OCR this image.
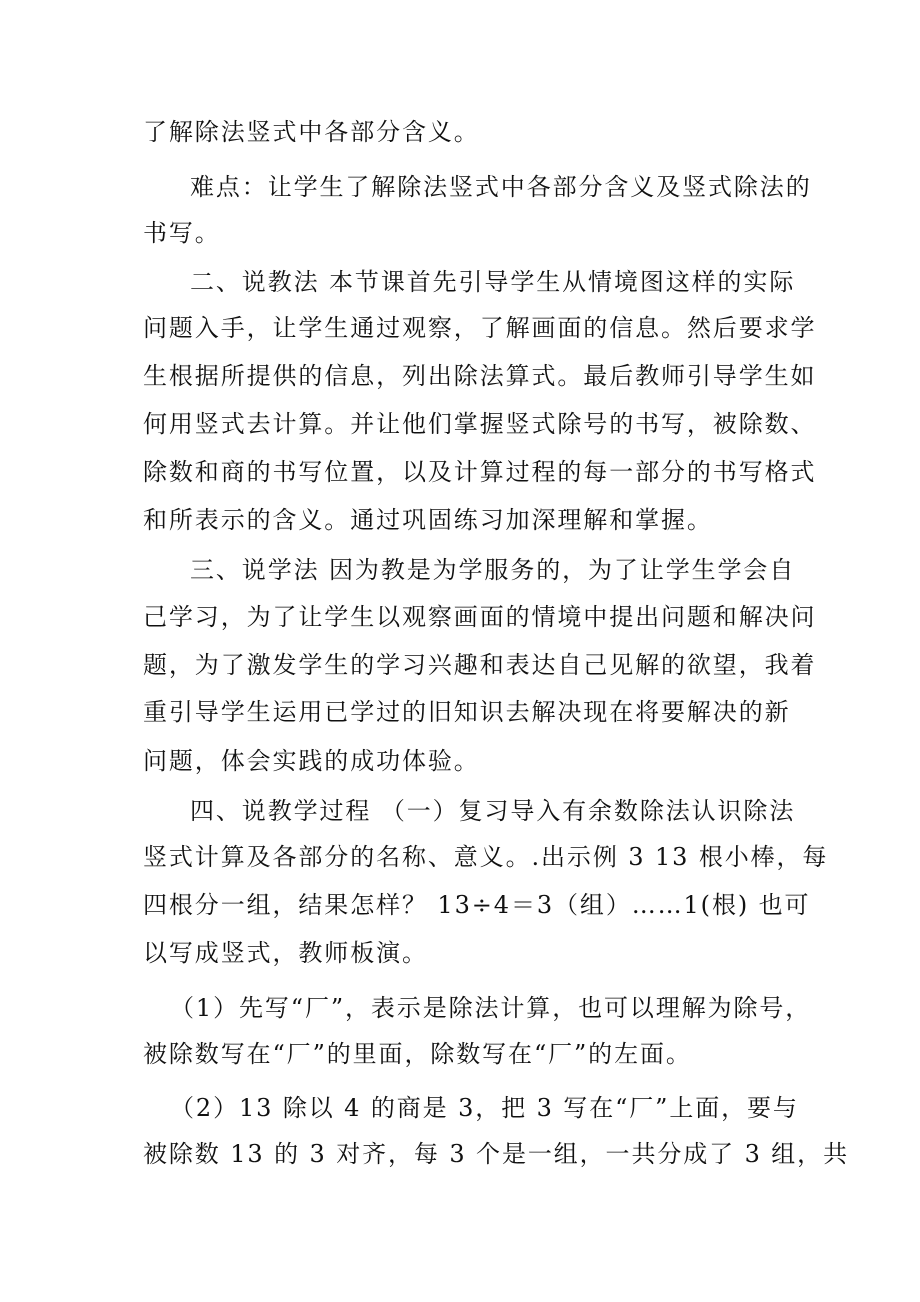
了解除法竖式中各部分含义。
难点：让学生了解除法竖式中各部分含义及竖式除法的
书写。
二、说教法 本节课首先引导学生从情境图这样的实际
问题入手，让学生通过观察，了解画面的信息。然后要求学
生根据所提供的信息，列出除法算式。最后教师引导学生如
何用竖式去计算。并让他们掌握竖式除号的书写，被除数、
除数和商的书写位置，以及计算过程的每一部分的书写格式
和所表示的含义。通过巩固练习加深理解和掌握。
三、说学法 因为教是为学服务的，为了让学生学会自
己学习，为了让学生以观察画面的情境中提出问题和解决问
题，为了激发学生的学习兴趣和表达自己见解的欲望，我着
重引导学生运用已学过的旧知识去解决现在将要解决的新
问题，体会实践的成功体验。
四、说教学过程 （一）复习导入有余数除法认识除法
竖式计算及各部分的名称、意义。.出示例 3 13 根小棒，每
四根分一组，结果怎样？ 13÷4＝3（组）……1(根) 也可
以写成竖式，教师板演。
（1）先写“厂”，表示是除法计算，也可以理解为除号，
被除数写在“厂”的里面，除数写在“厂”的左面。
（2）13 除以 4 的商是 3，把 3 写在“厂”上面，要与
被除数 13 的 3 对齐，每 3 个是一组，一共分成了 3 组，共
